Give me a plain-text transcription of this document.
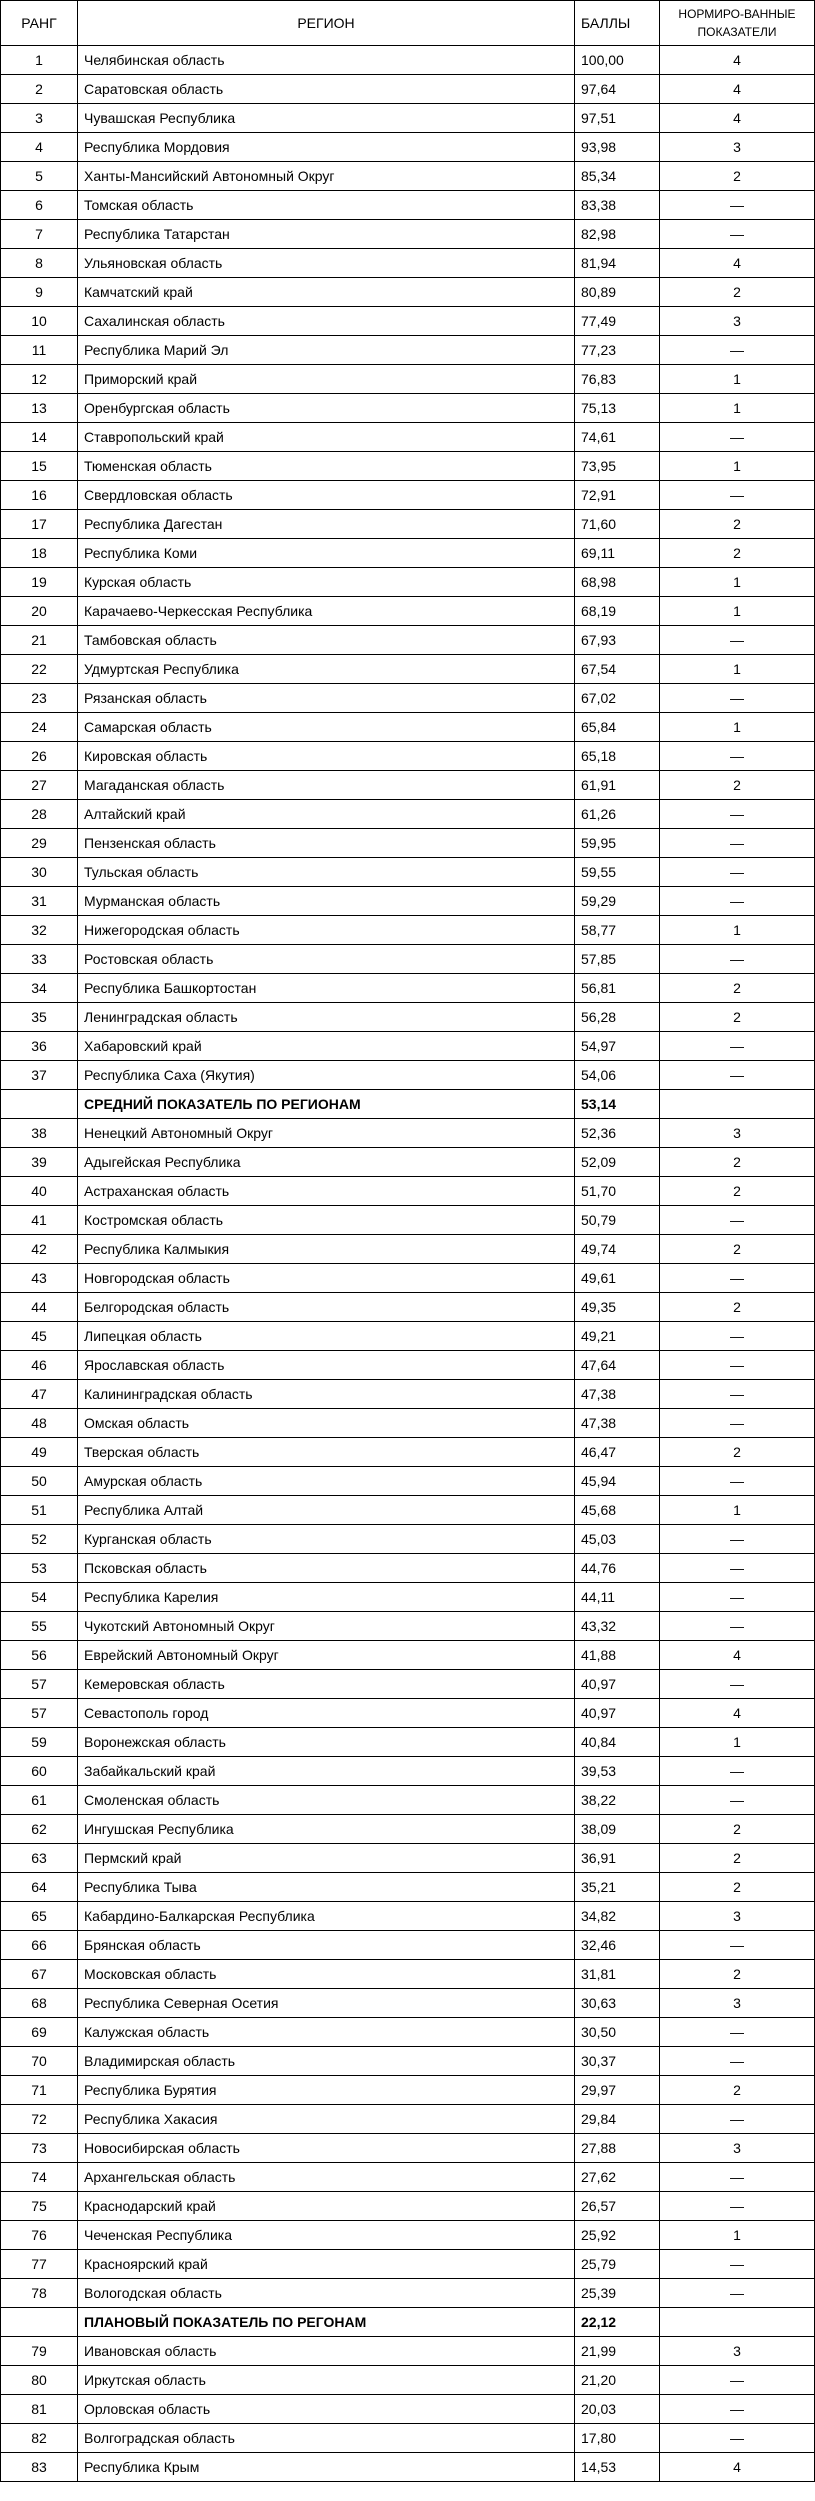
РАНГ	РЕГИОН	БАЛЛЫ	НОРМИРО-ВАННЫЕ ПОКАЗАТЕЛИ
1	Челябинская область	100,00	4
2	Саратовская область	97,64	4
3	Чувашская Республика	97,51	4
4	Республика Мордовия	93,98	3
5	Ханты-Мансийский Автономный Округ	85,34	2
6	Томская область	83,38	—
7	Республика Татарстан	82,98	—
8	Ульяновская область	81,94	4
9	Камчатский край	80,89	2
10	Сахалинская область	77,49	3
11	Республика Марий Эл	77,23	—
12	Приморский край	76,83	1
13	Оренбургская область	75,13	1
14	Ставропольский край	74,61	—
15	Тюменская область	73,95	1
16	Свердловская область	72,91	—
17	Республика Дагестан	71,60	2
18	Республика Коми	69,11	2
19	Курская область	68,98	1
20	Карачаево-Черкесская Республика	68,19	1
21	Тамбовская область	67,93	—
22	Удмуртская Республика	67,54	1
23	Рязанская область	67,02	—
24	Самарская область	65,84	1
26	Кировская область	65,18	—
27	Магаданская область	61,91	2
28	Алтайский край	61,26	—
29	Пензенская область	59,95	—
30	Тульская область	59,55	—
31	Мурманская область	59,29	—
32	Нижегородская область	58,77	1
33	Ростовская область	57,85	—
34	Республика Башкортостан	56,81	2
35	Ленинградская область	56,28	2
36	Хабаровский край	54,97	—
37	Республика Саха (Якутия)	54,06	—
	СРЕДНИЙ ПОКАЗАТЕЛЬ ПО РЕГИОНАМ	53,14	
38	Ненецкий Автономный Округ	52,36	3
39	Адыгейская Республика	52,09	2
40	Астраханская область	51,70	2
41	Костромская область	50,79	—
42	Республика Калмыкия	49,74	2
43	Новгородская область	49,61	—
44	Белгородская область	49,35	2
45	Липецкая область	49,21	—
46	Ярославская область	47,64	—
47	Калининградская область	47,38	—
48	Омская область	47,38	—
49	Тверская область	46,47	2
50	Амурская область	45,94	—
51	Республика Алтай	45,68	1
52	Курганская область	45,03	—
53	Псковская область	44,76	—
54	Республика Карелия	44,11	—
55	Чукотский Автономный Округ	43,32	—
56	Еврейский Автономный Округ	41,88	4
57	Кемеровская область	40,97	—
57	Севастополь город	40,97	4
59	Воронежская область	40,84	1
60	Забайкальский край	39,53	—
61	Смоленская область	38,22	—
62	Ингушская Республика	38,09	2
63	Пермский край	36,91	2
64	Республика Тыва	35,21	2
65	Кабардино-Балкарская Республика	34,82	3
66	Брянская область	32,46	—
67	Московская область	31,81	2
68	Республика Северная Осетия	30,63	3
69	Калужская область	30,50	—
70	Владимирская область	30,37	—
71	Республика Бурятия	29,97	2
72	Республика Хакасия	29,84	—
73	Новосибирская область	27,88	3
74	Архангельская область	27,62	—
75	Краснодарский край	26,57	—
76	Чеченская Республика	25,92	1
77	Красноярский край	25,79	—
78	Вологодская область	25,39	—
	ПЛАНОВЫЙ ПОКАЗАТЕЛЬ ПО РЕГОНАМ	22,12	
79	Ивановская область	21,99	3
80	Иркутская область	21,20	—
81	Орловская область	20,03	—
82	Волгоградская область	17,80	—
83	Республика Крым	14,53	4
